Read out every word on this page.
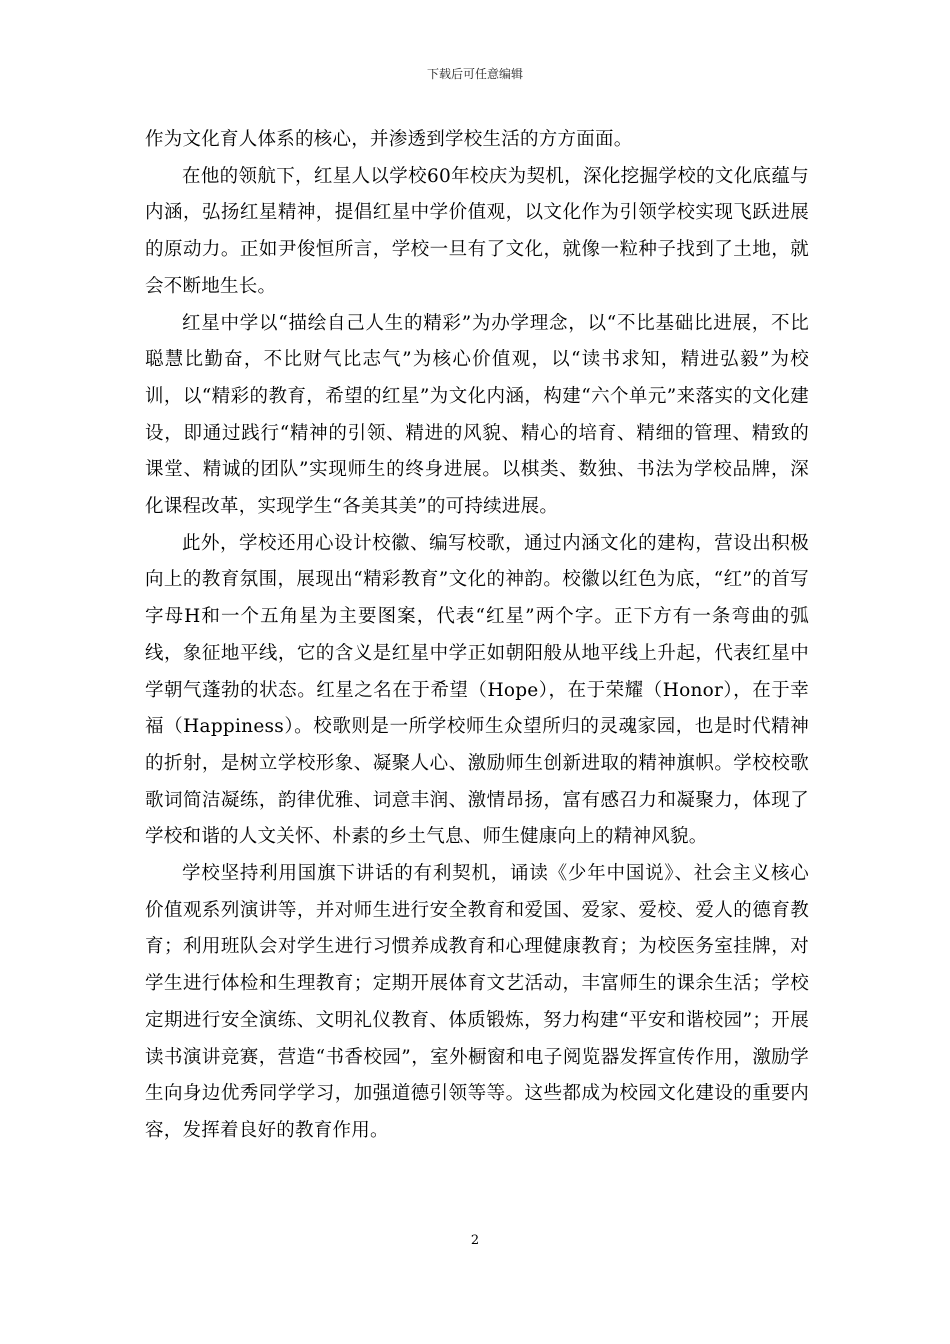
下载后可任意编辑

作为文化育人体系的核心，并渗透到学校生活的方方面面。

在他的领航下，红星人以学校60年校庆为契机，深化挖掘学校的文化底蕴与内涵，弘扬红星精神，提倡红星中学价值观，以文化作为引领学校实现飞跃进展的原动力。正如尹俊恒所言，学校一旦有了文化，就像一粒种子找到了土地，就会不断地生长。

红星中学以“描绘自己人生的精彩”为办学理念，以“不比基础比进展，不比聪慧比勤奋，不比财气比志气”为核心价值观，以“读书求知，精进弘毅”为校训，以“精彩的教育，希望的红星”为文化内涵，构建“六个单元”来落实的文化建设，即通过践行“精神的引领、精进的风貌、精心的培育、精细的管理、精致的课堂、精诚的团队”实现师生的终身进展。以棋类、数独、书法为学校品牌，深化课程改革，实现学生“各美其美”的可持续进展。

此外，学校还用心设计校徽、编写校歌，通过内涵文化的建构，营设出积极向上的教育氛围，展现出“精彩教育”文化的神韵。校徽以红色为底，“红”的首写字母H和一个五角星为主要图案，代表“红星”两个字。正下方有一条弯曲的弧线，象征地平线，它的含义是红星中学正如朝阳般从地平线上升起，代表红星中学朝气蓬勃的状态。红星之名在于希望（Hope），在于荣耀（Honor），在于幸福（Happiness）。校歌则是一所学校师生众望所归的灵魂家园，也是时代精神的折射，是树立学校形象、凝聚人心、激励师生创新进取的精神旗帜。学校校歌歌词简洁凝练，韵律优雅、词意丰润、激情昂扬，富有感召力和凝聚力，体现了学校和谐的人文关怀、朴素的乡土气息、师生健康向上的精神风貌。

学校坚持利用国旗下讲话的有利契机，诵读《少年中国说》、社会主义核心价值观系列演讲等，并对师生进行安全教育和爱国、爱家、爱校、爱人的德育教育；利用班队会对学生进行习惯养成教育和心理健康教育；为校医务室挂牌，对学生进行体检和生理教育；定期开展体育文艺活动，丰富师生的课余生活；学校定期进行安全演练、文明礼仪教育、体质锻炼，努力构建“平安和谐校园”；开展读书演讲竞赛，营造“书香校园”，室外橱窗和电子阅览器发挥宣传作用，激励学生向身边优秀同学学习，加强道德引领等等。这些都成为校园文化建设的重要内容，发挥着良好的教育作用。

2
